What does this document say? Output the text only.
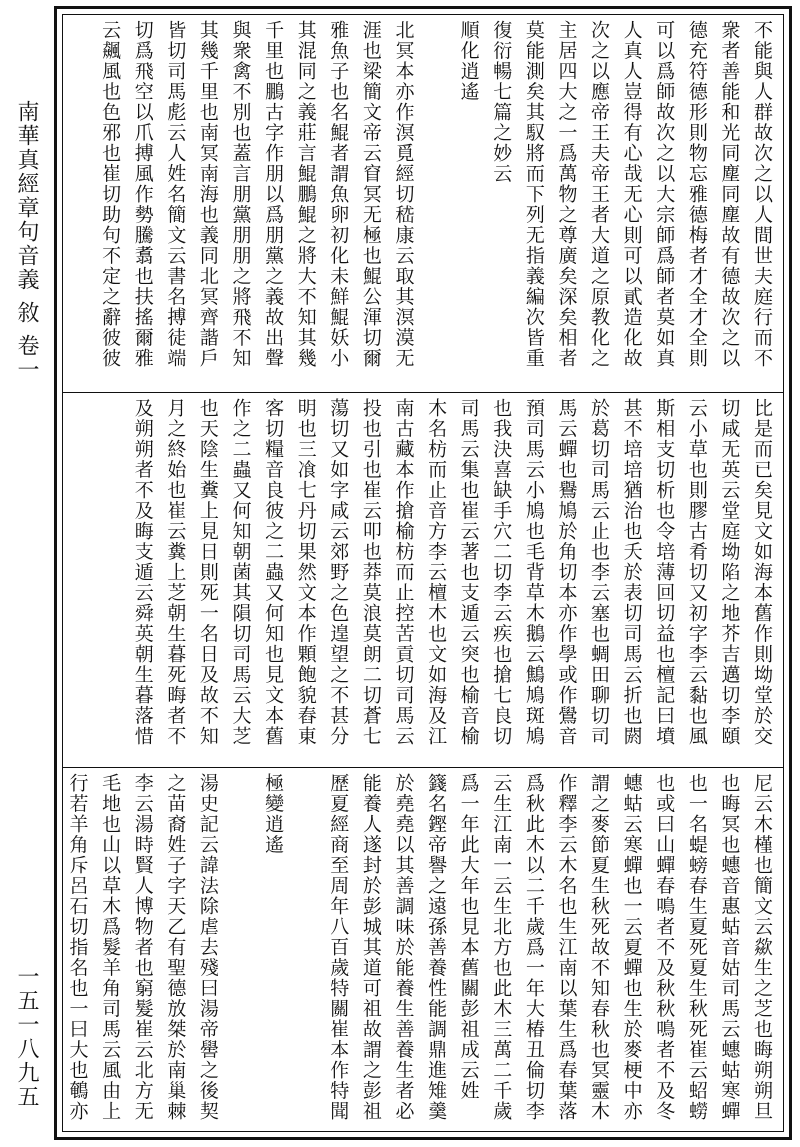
南華真經章句音義 敘 卷一
一五一八九五
不能與人群故次之以人間世夫庭行而不
衆者善能和光同塵同塵故有德故次之以
德充符德形則物忘雅德梅者才全才全則
可以爲師故次之以大宗師爲師者莫如真
人真人豈得有心哉无心則可以貳造化故
次之以應帝王夫帝王者大道之原教化之
主居四大之一爲萬物之尊廣矣深矣相者
莫能測矣其馭將而下列无指義編次皆重
復衍暢七篇之妙云
順化逍遙
北冥本亦作溟覓經切嵇康云取其溟漠无
涯也梁簡文帝云窅冥无極也鯤公渾切爾
雅魚子也名鯤者謂魚卵初化未鮮鯤妖小
其混同之義莊言鯤鵬鯤之將大不知其幾
千里也鵬古字作朋以爲朋黨之義故出聲
與衆禽不別也蓋言朋黨朋朋之將飛不知
其幾千里也南冥南海也義同北冥齊諧戶
皆切司馬彪云人姓名簡文云書名搏徒端
切爲飛空以爪搏風作勢騰翥也扶搖爾雅
云飆風也色邪也崔切助句不定之辭彼彼
比是而已矣見文如海本舊作則坳堂於交
切咸无英云堂庭坳陷之地芥吉邁切李頤
云小草也則膠古肴切又初字李云黏也風
斯相支切析也令培薄回切益也檀記曰墳
甚不培培猶治也夭於表切司馬云折也閼
於葛切司馬云止也李云塞也蜩田聊切司
馬云蟬也鸒鳩於角切本亦作學或作鷽音
預司馬云小鳩也毛背草木鵝云鷦鳩斑鳩
也我決喜缺手穴二切李云疾也搶七良切
司馬云集也崔云著也支遁云突也榆音榆
木名枋而止音方李云檀木也文如海及江
南古藏本作搶榆枋而止控苦貢切司馬云
投也引也崔云叩也莽莫浪莫朗二切蒼七
蕩切又如字咸云郊野之色遑望之不甚分
明也三飡七丹切果然文本作顆飽貌舂東
客切糧音良彼之二蟲又何知也見文本舊
作之二蟲又何知朝菌其隕切司馬云大芝
也天陰生糞上見日則死一名日及故不知
月之終始也崔云糞上芝朝生暮死晦者不
及朔朔者不及晦支遁云舜英朝生暮落惜
尼云木槿也簡文云歘生之芝也晦朔朔旦
也晦冥也蟪音惠蛄音姑司馬云蟪蛄寒蟬
也一名蝭螃春生夏死夏生秋死崔云蛁蟧
也或曰山蟬春鳴者不及秋秋鳴者不及冬
蟪蛄云寒蟬也一云夏蟬也生於麥梗中亦
謂之麥節夏生秋死故不知春秋也冥靈木
作釋李云木名也生江南以葉生爲春葉落
爲秋此木以二千歲爲一年大椿丑倫切李
云生江南一云生北方也此木三萬二千歲
爲一年此大年也見本舊關彭祖成云姓
籛名鏗帝譽之遠孫善養性能調鼎進雉羹
於堯堯以其善調味於能養生善養生者必
能養人遂封於彭城其道可祖故謂之彭祖
歷夏經商至周年八百歲特關崔本作特聞
極變逍遙
湯史記云諱法除虐去殘曰湯帝嚳之後契
之苗裔姓子字天乙有聖德放桀於南巢棘
李云湯時賢人博物者也窮髮崔云北方无
毛地也山以草木爲髮羊角司馬云風由上
行若羊角斥呂石切指名也一曰大也鵪亦
